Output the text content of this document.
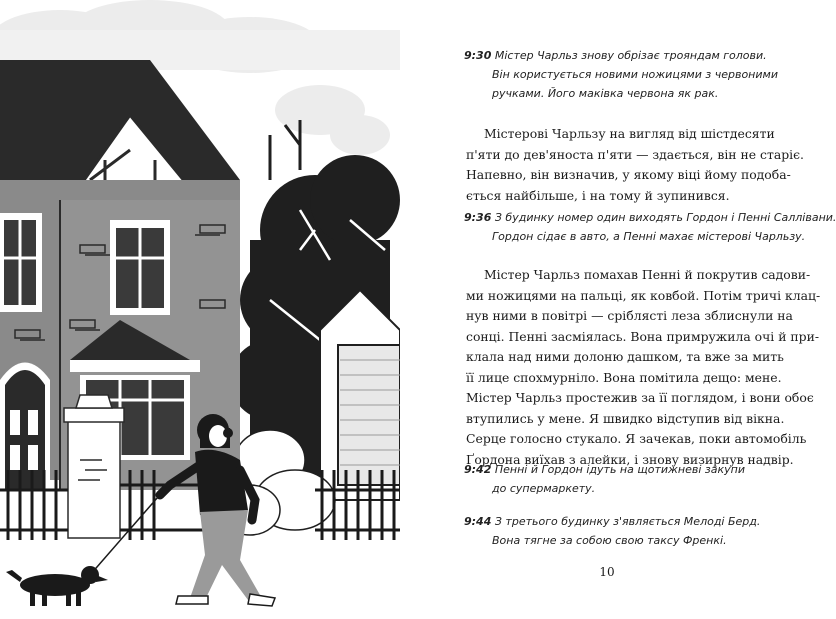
9:30 Містер Чарльз знову обрізає трояндам голови.
Він користується новими ножицями з червоними
ручками. Його маківка червона як рак.
Містерові Чарльзу на вигляд від шістдесяти
п'яти до дев'яноста п'яти — здається, він не старіє.
Напевно, він визначив, у якому віці йому подоба-
ється найбільше, і на тому й зупинився.
9:36 З будинку номер один виходять Гордон і Пенні Саллівани.
Гордон сідає в авто, а Пенні махає містерові Чарльзу.
Містер Чарльз помахав Пенні й покрутив садови-
ми ножицями на пальці, як ковбой. Потім тричі клац-
нув ними в повітрі — сріблясті леза зблиснули на
сонці. Пенні засміялась. Вона примружила очі й при-
клала над ними долоню дашком, та вже за мить
її лице спохмурніло. Вона помітила дещо: мене.
Містер Чарльз простежив за її поглядом, і вони обоє
втупились у мене. Я швидко відступив від вікна.
Серце голосно стукало. Я зачекав, поки автомобіль
Ґордона виїхав з алейки, і знову визирнув надвір.
9:42 Пенні й Гордон ідуть на щотижневі закупи
до супермаркету.
9:44 З третього будинку з'являється Мелоді Берд.
Вона тягне за собою свою таксу Френкі.
10
